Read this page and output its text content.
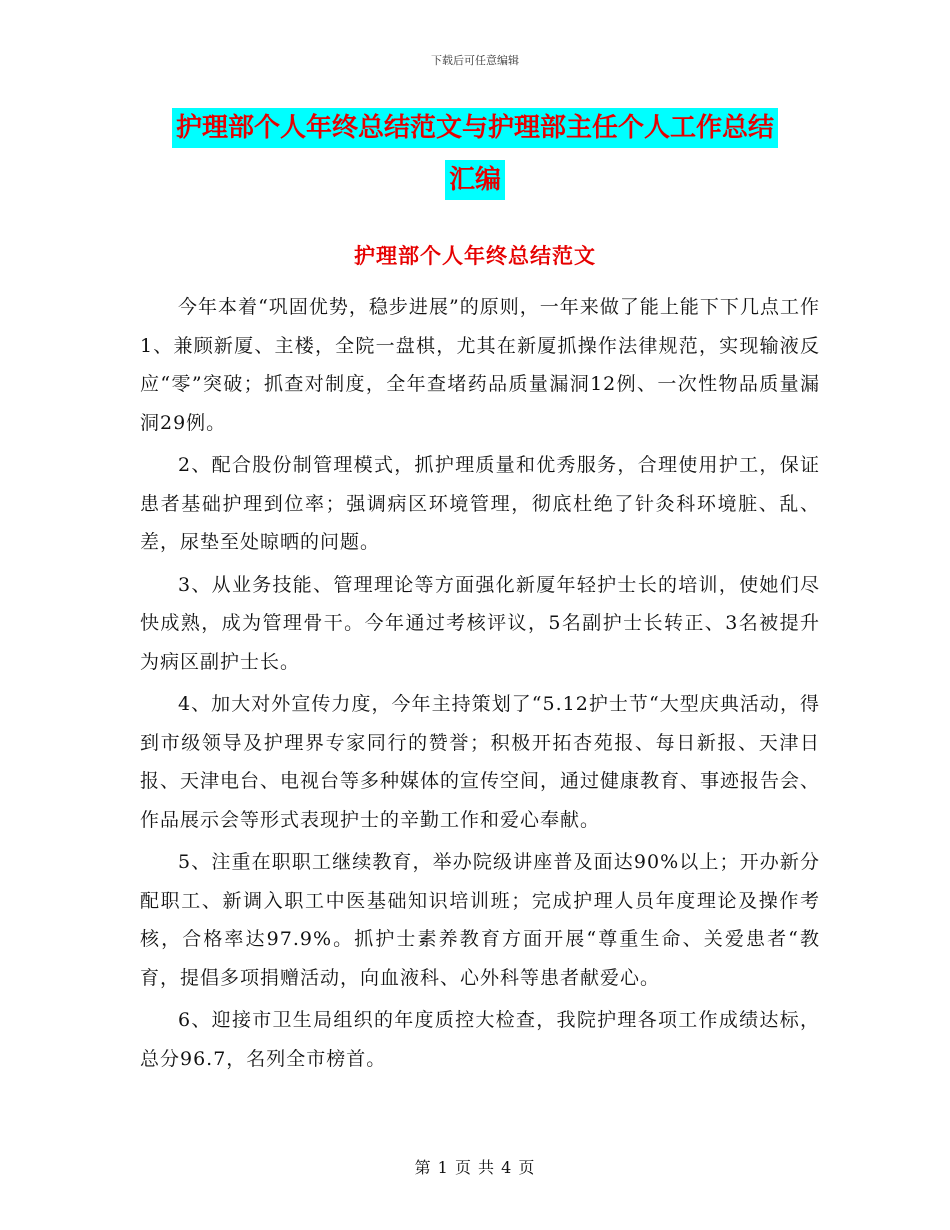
下载后可任意编辑
护理部个人年终总结范文与护理部主任个人工作总结
汇编
护理部个人年终总结范文

今年本着“巩固优势，稳步进展”的原则，一年来做了能上能下下几点工作 1、兼顾新厦、主楼，全院一盘棋，尤其在新厦抓操作法律规范，实现输液反应“零”突破；抓查对制度，全年查堵药品质量漏洞12例、一次性物品质量漏洞29例。

2、配合股份制管理模式，抓护理质量和优秀服务，合理使用护工，保证患者基础护理到位率；强调病区环境管理，彻底杜绝了针灸科环境脏、乱、差，尿垫至处晾晒的问题。

3、从业务技能、管理理论等方面强化新厦年轻护士长的培训，使她们尽快成熟，成为管理骨干。今年通过考核评议，5名副护士长转正、3名被提升为病区副护士长。

4、加大对外宣传力度，今年主持策划了“5.12护士节“大型庆典活动，得到市级领导及护理界专家同行的赞誉；积极开拓杏苑报、每日新报、天津日报、天津电台、电视台等多种媒体的宣传空间，通过健康教育、事迹报告会、作品展示会等形式表现护士的辛勤工作和爱心奉献。

5、注重在职职工继续教育，举办院级讲座普及面达90%以上；开办新分配职工、新调入职工中医基础知识培训班；完成护理人员年度理论及操作考核，合格率达97.9%。抓护士素养教育方面开展“尊重生命、关爱患者“教育，提倡多项捐赠活动，向血液科、心外科等患者献爱心。

6、迎接市卫生局组织的年度质控大检查，我院护理各项工作成绩达标，总分96.7，名列全市榜首。

第 1 页 共 4 页
